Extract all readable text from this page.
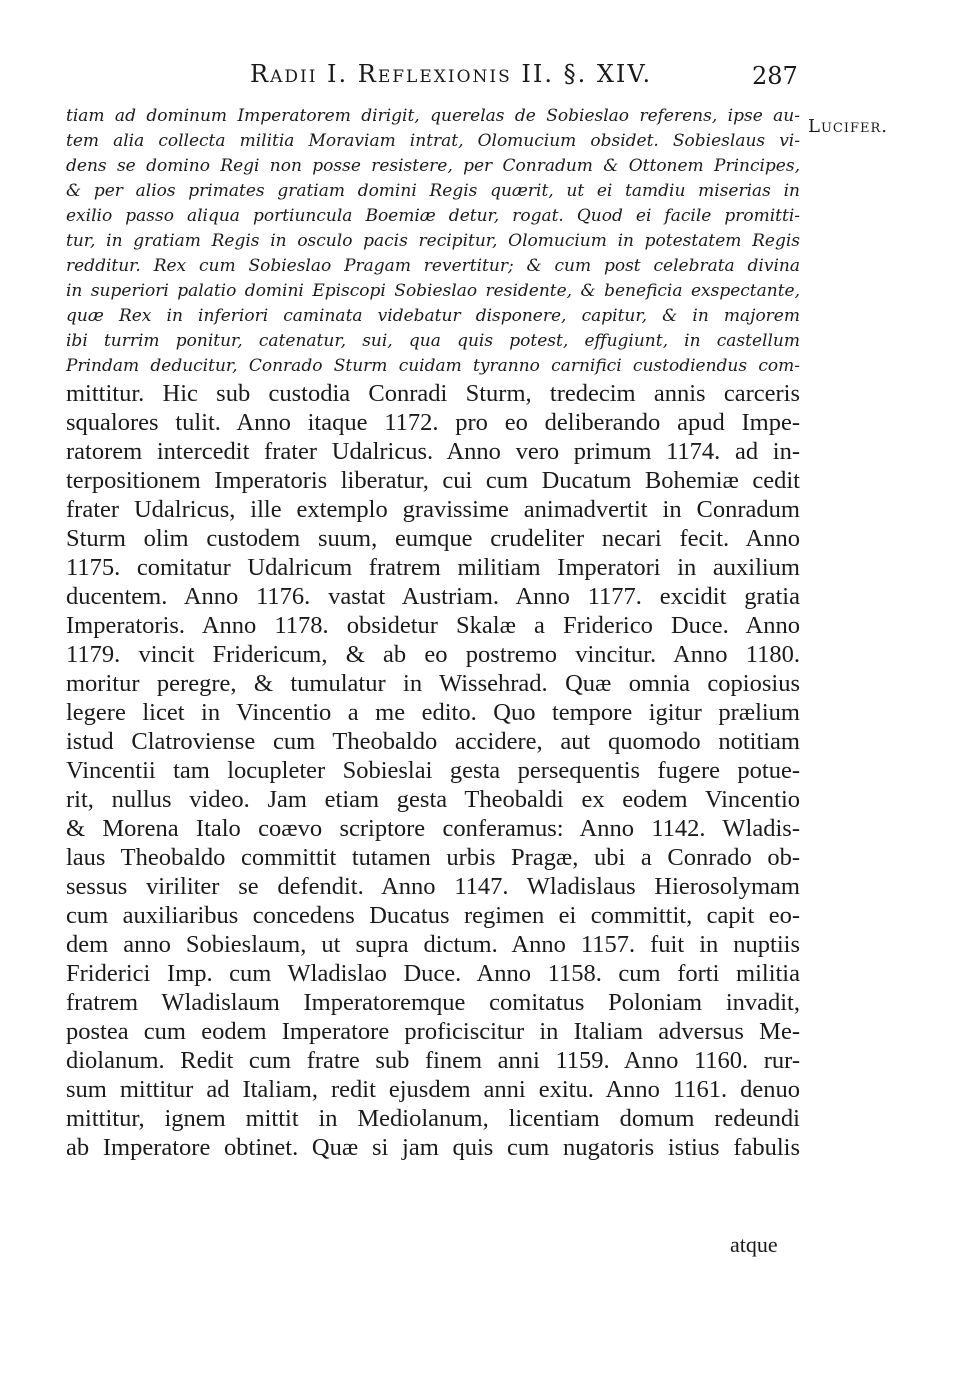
Radii I. Reflexionis II. §. XIV.	287
Lucifer.
tiam ad dominum Imperatorem dirigit, querelas de Sobieslao referens, ipse au-
tem alia collecta militia Moraviam intrat, Olomucium obsidet. Sobieslaus vi-
dens se domino Regi non posse resistere, per Conradum & Ottonem Principes,
& per alios primates gratiam domini Regis quærit, ut ei tamdiu miserias in
exilio passo aliqua portiuncula Boemiæ detur, rogat. Quod ei facile promitti-
tur, in gratiam Regis in osculo pacis recipitur, Olomucium in potestatem Regis
redditur. Rex cum Sobieslao Pragam revertitur; & cum post celebrata divina
in superiori palatio domini Episcopi Sobieslao residente, & beneficia exspectante,
quæ Rex in inferiori caminata videbatur disponere, capitur, & in majorem
ibi turrim ponitur, catenatur, sui, qua quis potest, effugiunt, in castellum
Prindam deducitur, Conrado Sturm cuidam tyranno carnifici custodiendus com-
mittitur. Hic sub custodia Conradi Sturm, tredecim annis carceris
squalores tulit. Anno itaque 1172. pro eo deliberando apud Impe-
ratorem intercedit frater Udalricus. Anno vero primum 1174. ad in-
terpositionem Imperatoris liberatur, cui cum Ducatum Bohemiæ cedit
frater Udalricus, ille extemplo gravissime animadvertit in Conradum
Sturm olim custodem suum, eumque crudeliter necari fecit. Anno
1175. comitatur Udalricum fratrem militiam Imperatori in auxilium
ducentem. Anno 1176. vastat Austriam. Anno 1177. excidit gratia
Imperatoris. Anno 1178. obsidetur Skalæ a Friderico Duce. Anno
1179. vincit Fridericum, & ab eo postremo vincitur. Anno 1180.
moritur peregre, & tumulatur in Wissehrad. Quæ omnia copiosius
legere licet in Vincentio a me edito. Quo tempore igitur prælium
istud Clatroviense cum Theobaldo accidere, aut quomodo notitiam
Vincentii tam locupleter Sobieslai gesta persequentis fugere potue-
rit, nullus video. Jam etiam gesta Theobaldi ex eodem Vincentio
& Morena Italo coævo scriptore conferamus: Anno 1142. Wladis-
laus Theobaldo committit tutamen urbis Pragæ, ubi a Conrado ob-
sessus viriliter se defendit. Anno 1147. Wladislaus Hierosolymam
cum auxiliaribus concedens Ducatus regimen ei committit, capit eo-
dem anno Sobieslaum, ut supra dictum. Anno 1157. fuit in nuptiis
Friderici Imp. cum Wladislao Duce. Anno 1158. cum forti militia
fratrem Wladislaum Imperatoremque comitatus Poloniam invadit,
postea cum eodem Imperatore proficiscitur in Italiam adversus Me-
diolanum. Redit cum fratre sub finem anni 1159. Anno 1160. rur-
sum mittitur ad Italiam, redit ejusdem anni exitu. Anno 1161. denuo
mittitur, ignem mittit in Mediolanum, licentiam domum redeundi
ab Imperatore obtinet. Quæ si jam quis cum nugatoris istius fabulis
atque
